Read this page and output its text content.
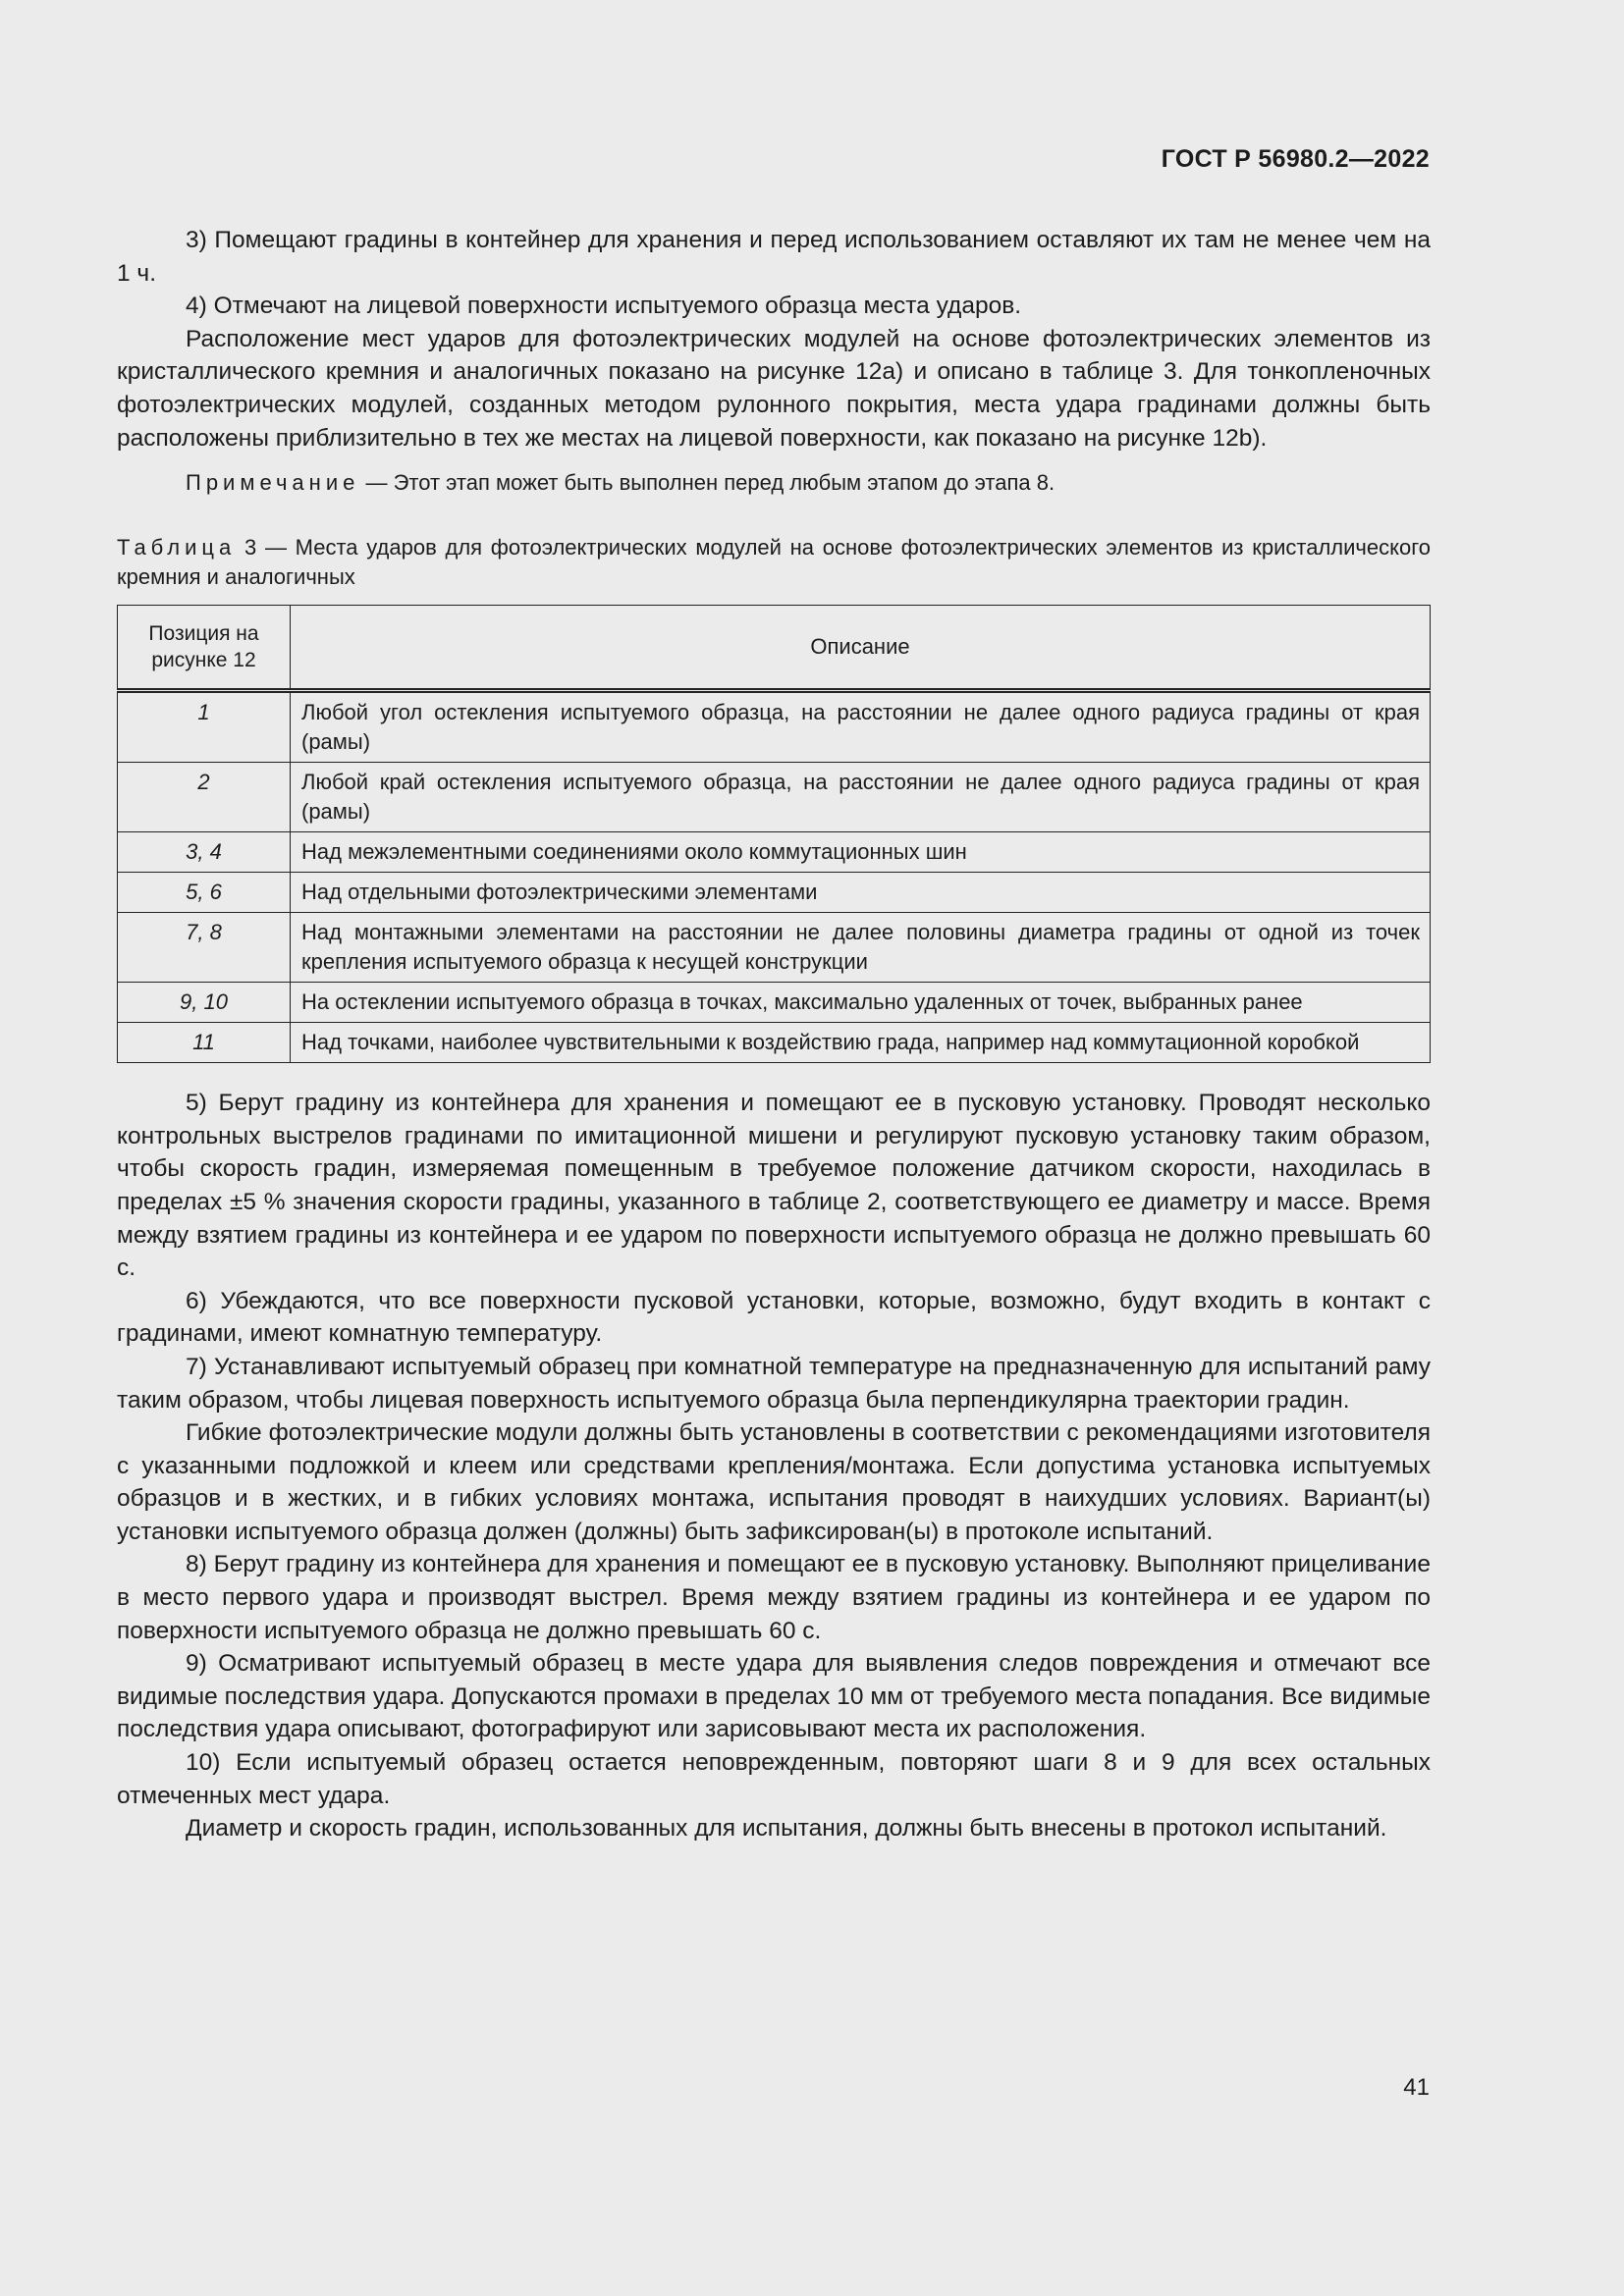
ГОСТ Р 56980.2—2022

3) Помещают градины в контейнер для хранения и перед использованием оставляют их там не менее чем на 1 ч.

4) Отмечают на лицевой поверхности испытуемого образца места ударов.

Расположение мест ударов для фотоэлектрических модулей на основе фотоэлектрических элементов из кристаллического кремния и аналогичных показано на рисунке 12а) и описано в таблице 3. Для тонкопленочных фотоэлектрических модулей, созданных методом рулонного покрытия, места удара градинами должны быть расположены приблизительно в тех же местах на лицевой поверхности, как показано на рисунке 12b).

Примечание — Этот этап может быть выполнен перед любым этапом до этапа 8.

Таблица 3 — Места ударов для фотоэлектрических модулей на основе фотоэлектрических элементов из кристаллического кремния и аналогичных

Позиция на рисунке 12	Описание
1	Любой угол остекления испытуемого образца, на расстоянии не далее одного радиуса градины от края (рамы)
2	Любой край остекления испытуемого образца, на расстоянии не далее одного радиуса градины от края (рамы)
3, 4	Над межэлементными соединениями около коммутационных шин
5, 6	Над отдельными фотоэлектрическими элементами
7, 8	Над монтажными элементами на расстоянии не далее половины диаметра градины от одной из точек крепления испытуемого образца к несущей конструкции
9, 10	На остеклении испытуемого образца в точках, максимально удаленных от точек, выбранных ранее
11	Над точками, наиболее чувствительными к воздействию града, например над коммутационной коробкой

5) Берут градину из контейнера для хранения и помещают ее в пусковую установку. Проводят несколько контрольных выстрелов градинами по имитационной мишени и регулируют пусковую установку таким образом, чтобы скорость градин, измеряемая помещенным в требуемое положение датчиком скорости, находилась в пределах ±5 % значения скорости градины, указанного в таблице 2, соответствующего ее диаметру и массе. Время между взятием градины из контейнера и ее ударом по поверхности испытуемого образца не должно превышать 60 с.

6) Убеждаются, что все поверхности пусковой установки, которые, возможно, будут входить в контакт с градинами, имеют комнатную температуру.

7) Устанавливают испытуемый образец при комнатной температуре на предназначенную для испытаний раму таким образом, чтобы лицевая поверхность испытуемого образца была перпендикулярна траектории градин.

Гибкие фотоэлектрические модули должны быть установлены в соответствии с рекомендациями изготовителя с указанными подложкой и клеем или средствами крепления/монтажа. Если допустима установка испытуемых образцов и в жестких, и в гибких условиях монтажа, испытания проводят в наихудших условиях. Вариант(ы) установки испытуемого образца должен (должны) быть зафиксирован(ы) в протоколе испытаний.

8) Берут градину из контейнера для хранения и помещают ее в пусковую установку. Выполняют прицеливание в место первого удара и производят выстрел. Время между взятием градины из контейнера и ее ударом по поверхности испытуемого образца не должно превышать 60 с.

9) Осматривают испытуемый образец в месте удара для выявления следов повреждения и отмечают все видимые последствия удара. Допускаются промахи в пределах 10 мм от требуемого места попадания. Все видимые последствия удара описывают, фотографируют или зарисовывают места их расположения.

10) Если испытуемый образец остается неповрежденным, повторяют шаги 8 и 9 для всех остальных отмеченных мест удара.

Диаметр и скорость градин, использованных для испытания, должны быть внесены в протокол испытаний.

41
